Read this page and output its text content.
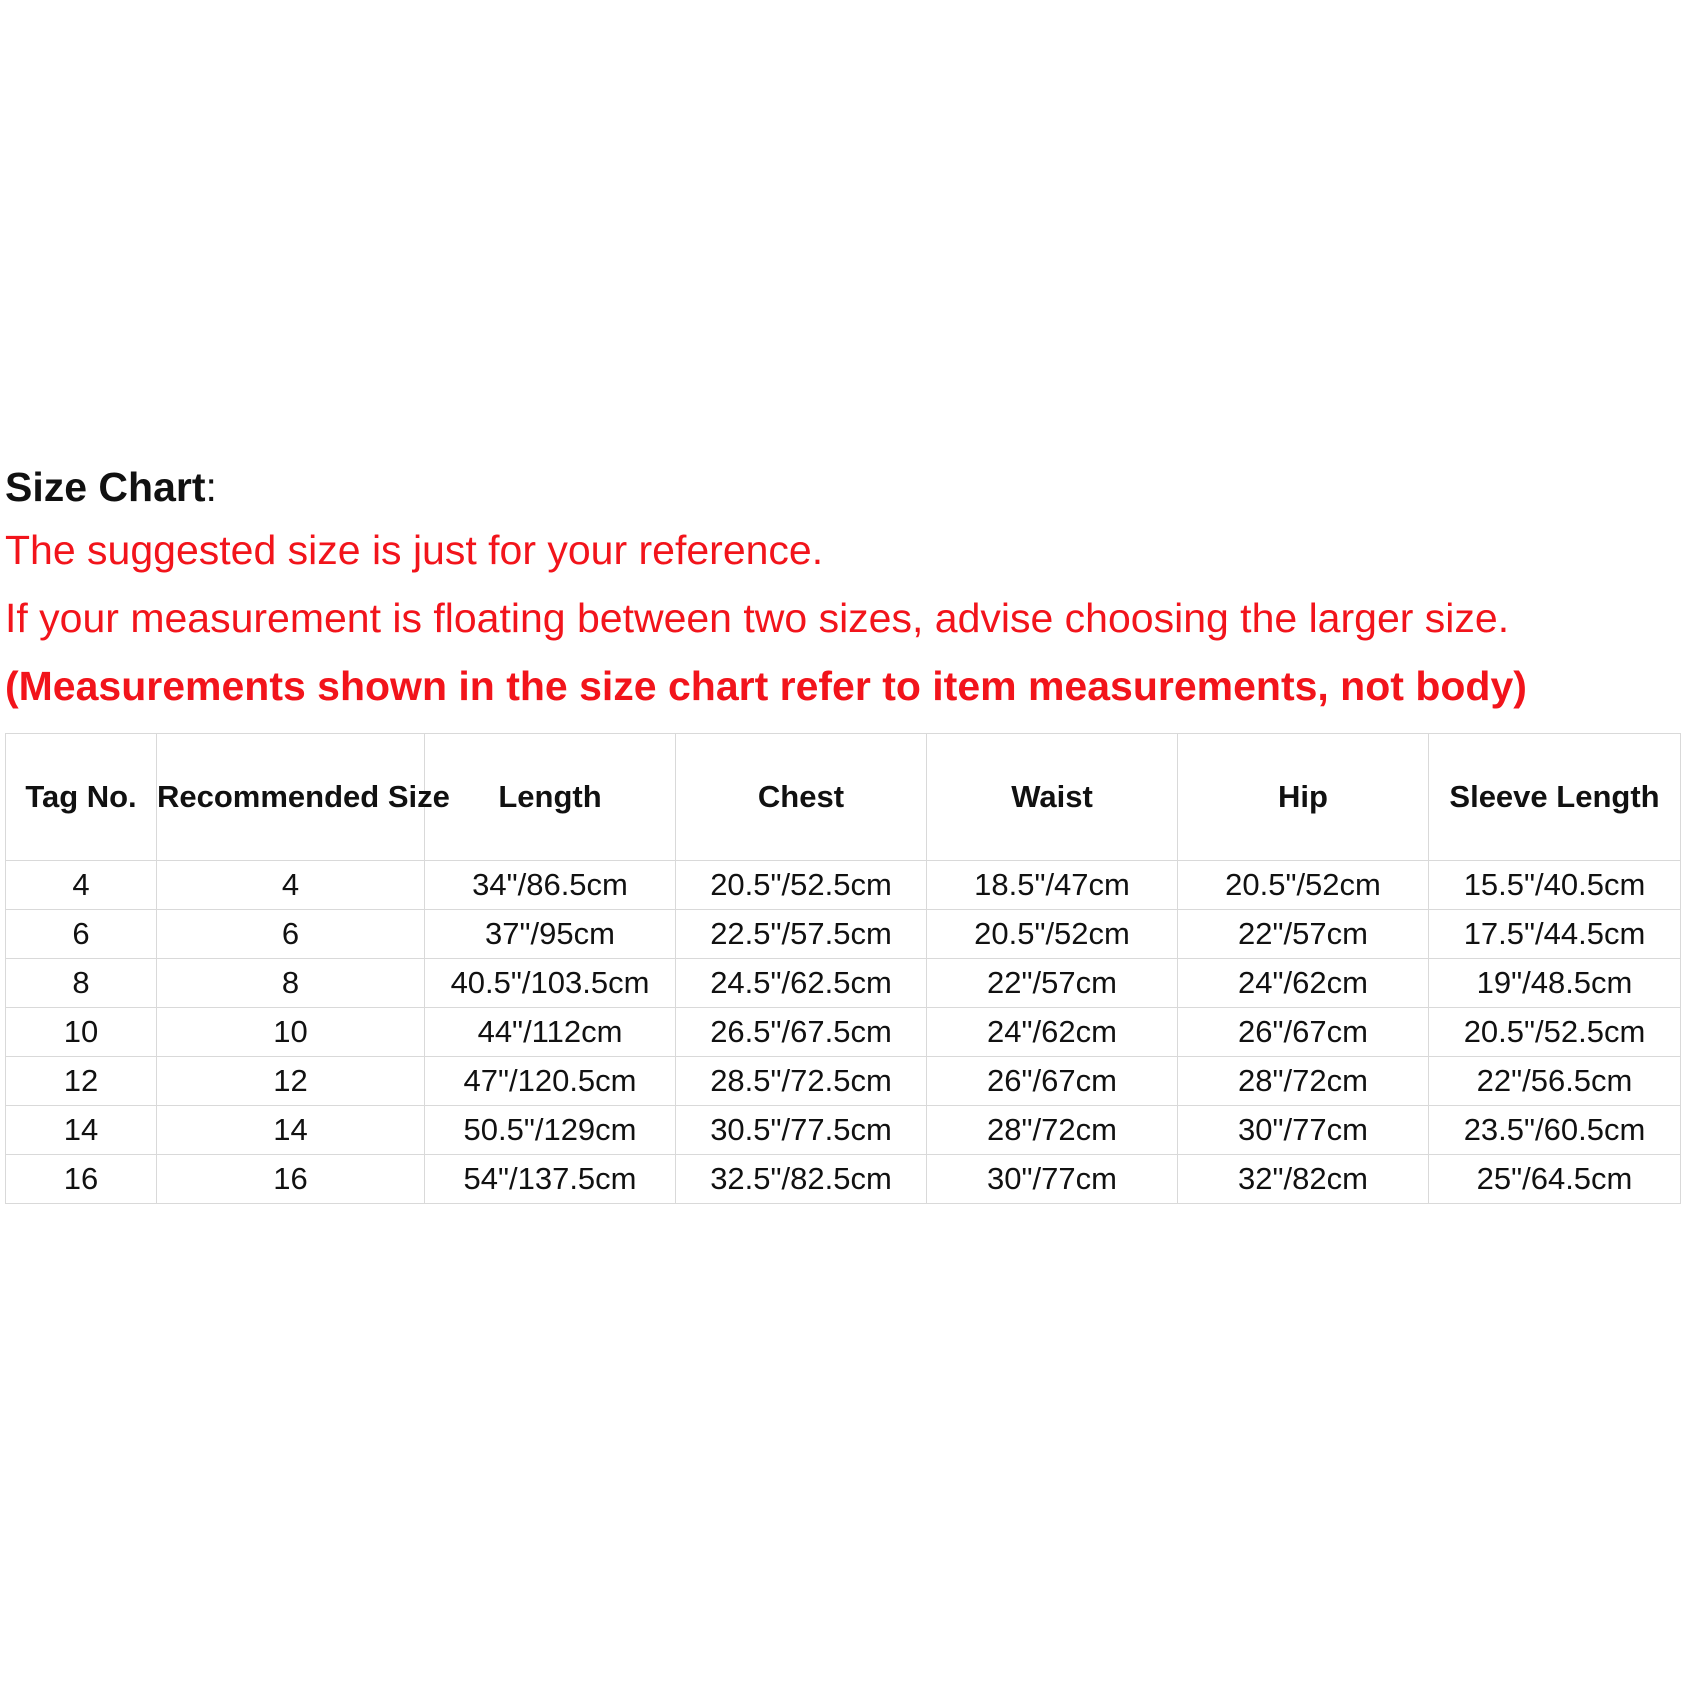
Size Chart:
The suggested size is just for your reference.
If your measurement is floating between two sizes, advise choosing the larger size.
(Measurements shown in the size chart refer to item measurements, not body)
Tag No.	Recommended Size	Length	Chest	Waist	Hip	Sleeve Length
4	4	34"/86.5cm	20.5"/52.5cm	18.5"/47cm	20.5"/52cm	15.5"/40.5cm
6	6	37"/95cm	22.5"/57.5cm	20.5"/52cm	22"/57cm	17.5"/44.5cm
8	8	40.5"/103.5cm	24.5"/62.5cm	22"/57cm	24"/62cm	19"/48.5cm
10	10	44"/112cm	26.5"/67.5cm	24"/62cm	26"/67cm	20.5"/52.5cm
12	12	47"/120.5cm	28.5"/72.5cm	26"/67cm	28"/72cm	22"/56.5cm
14	14	50.5"/129cm	30.5"/77.5cm	28"/72cm	30"/77cm	23.5"/60.5cm
16	16	54"/137.5cm	32.5"/82.5cm	30"/77cm	32"/82cm	25"/64.5cm
